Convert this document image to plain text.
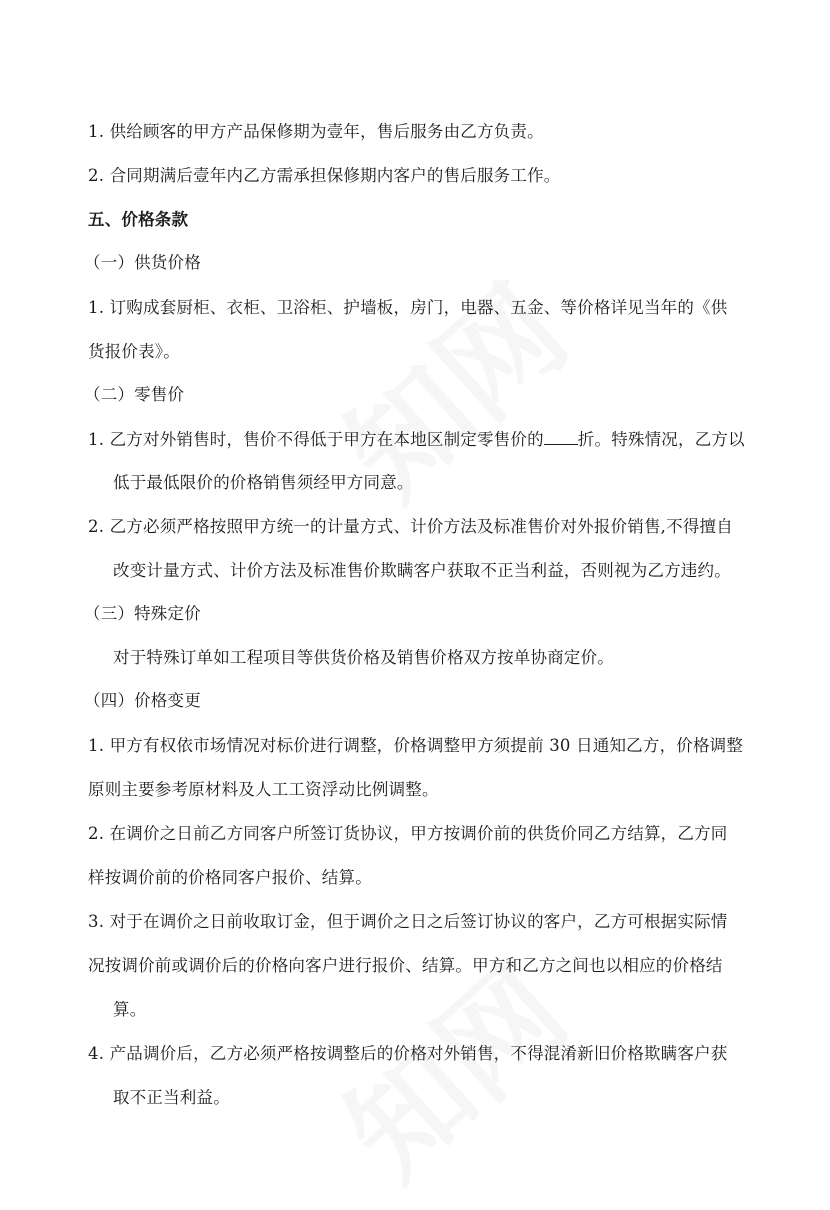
1. 供给顾客的甲方产品保修期为壹年，售后服务由乙方负责。
2. 合同期满后壹年内乙方需承担保修期内客户的售后服务工作。
五、价格条款
（一）供货价格
1. 订购成套厨柜、衣柜、卫浴柜、护墙板，房门，电器、五金、等价格详见当年的《供
货报价表》。
（二）零售价
1. 乙方对外销售时，售价不得低于甲方在本地区制定零售价的 折。特殊情况，乙方以
低于最低限价的价格销售须经甲方同意。
2. 乙方必须严格按照甲方统一的计量方式、计价方法及标准售价对外报价销售,不得擅自
改变计量方式、计价方法及标准售价欺瞒客户获取不正当利益，否则视为乙方违约。
（三）特殊定价
对于特殊订单如工程项目等供货价格及销售价格双方按单协商定价。
（四）价格变更
1. 甲方有权依市场情况对标价进行调整，价格调整甲方须提前 30 日通知乙方，价格调整
原则主要参考原材料及人工工资浮动比例调整。
2. 在调价之日前乙方同客户所签订货协议，甲方按调价前的供货价同乙方结算，乙方同
样按调价前的价格同客户报价、结算。
3. 对于在调价之日前收取订金，但于调价之日之后签订协议的客户，乙方可根据实际情
况按调价前或调价后的价格向客户进行报价、结算。甲方和乙方之间也以相应的价格结
算。
4. 产品调价后，乙方必须严格按调整后的价格对外销售，不得混淆新旧价格欺瞒客户获
取不正当利益。
